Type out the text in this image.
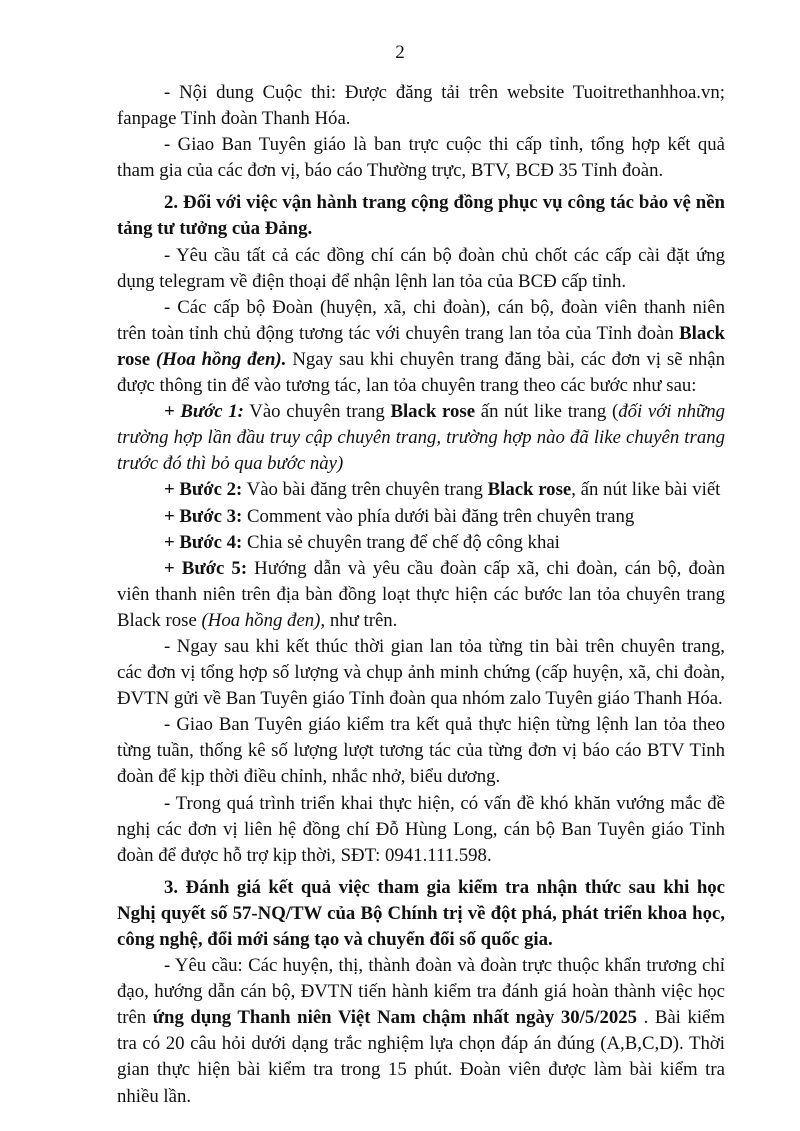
2

- Nội dung Cuộc thi: Được đăng tải trên website Tuoitrethanhhoa.vn; fanpage Tỉnh đoàn Thanh Hóa.

- Giao Ban Tuyên giáo là ban trực cuộc thi cấp tỉnh, tổng hợp kết quả tham gia của các đơn vị, báo cáo Thường trực, BTV, BCĐ 35 Tỉnh đoàn.

2. Đối với việc vận hành trang cộng đồng phục vụ công tác bảo vệ nền tảng tư tưởng của Đảng.

- Yêu cầu tất cả các đồng chí cán bộ đoàn chủ chốt các cấp cài đặt ứng dụng telegram về điện thoại để nhận lệnh lan tỏa của BCĐ cấp tỉnh.

- Các cấp bộ Đoàn (huyện, xã, chi đoàn), cán bộ, đoàn viên thanh niên trên toàn tỉnh chủ động tương tác với chuyên trang lan tỏa của Tỉnh đoàn Black rose (Hoa hồng đen). Ngay sau khi chuyên trang đăng bài, các đơn vị sẽ nhận được thông tin để vào tương tác, lan tỏa chuyên trang theo các bước như sau:

+ Bước 1: Vào chuyên trang Black rose ấn nút like trang (đối với những trường hợp lần đầu truy cập chuyên trang, trường hợp nào đã like chuyên trang trước đó thì bỏ qua bước này)

+ Bước 2: Vào bài đăng trên chuyên trang Black rose, ấn nút like bài viết

+ Bước 3: Comment vào phía dưới bài đăng trên chuyên trang

+ Bước 4: Chia sẻ chuyên trang để chế độ công khai

+ Bước 5: Hướng dẫn và yêu cầu đoàn cấp xã, chi đoàn, cán bộ, đoàn viên thanh niên trên địa bàn đồng loạt thực hiện các bước lan tỏa chuyên trang Black rose (Hoa hồng đen), như trên.

- Ngay sau khi kết thúc thời gian lan tỏa từng tin bài trên chuyên trang, các đơn vị tổng hợp số lượng và chụp ảnh minh chứng (cấp huyện, xã, chi đoàn, ĐVTN gửi về Ban Tuyên giáo Tỉnh đoàn qua nhóm zalo Tuyên giáo Thanh Hóa.

- Giao Ban Tuyên giáo kiểm tra kết quả thực hiện từng lệnh lan tỏa theo từng tuần, thống kê số lượng lượt tương tác của từng đơn vị báo cáo BTV Tỉnh đoàn để kịp thời điều chỉnh, nhắc nhở, biểu dương.

- Trong quá trình triển khai thực hiện, có vấn đề khó khăn vướng mắc đề nghị các đơn vị liên hệ đồng chí Đỗ Hùng Long, cán bộ Ban Tuyên giáo Tỉnh đoàn để được hỗ trợ kịp thời, SĐT: 0941.111.598.

3. Đánh giá kết quả việc tham gia kiểm tra nhận thức sau khi học Nghị quyết số 57-NQ/TW của Bộ Chính trị về đột phá, phát triển khoa học, công nghệ, đổi mới sáng tạo và chuyển đổi số quốc gia.

- Yêu cầu: Các huyện, thị, thành đoàn và đoàn trực thuộc khẩn trương chỉ đạo, hướng dẫn cán bộ, ĐVTN tiến hành kiểm tra đánh giá hoàn thành việc học trên ứng dụng Thanh niên Việt Nam chậm nhất ngày 30/5/2025 . Bài kiểm tra có 20 câu hỏi dưới dạng trắc nghiệm lựa chọn đáp án đúng (A,B,C,D). Thời gian thực hiện bài kiểm tra trong 15 phút. Đoàn viên được làm bài kiểm tra nhiều lần.
